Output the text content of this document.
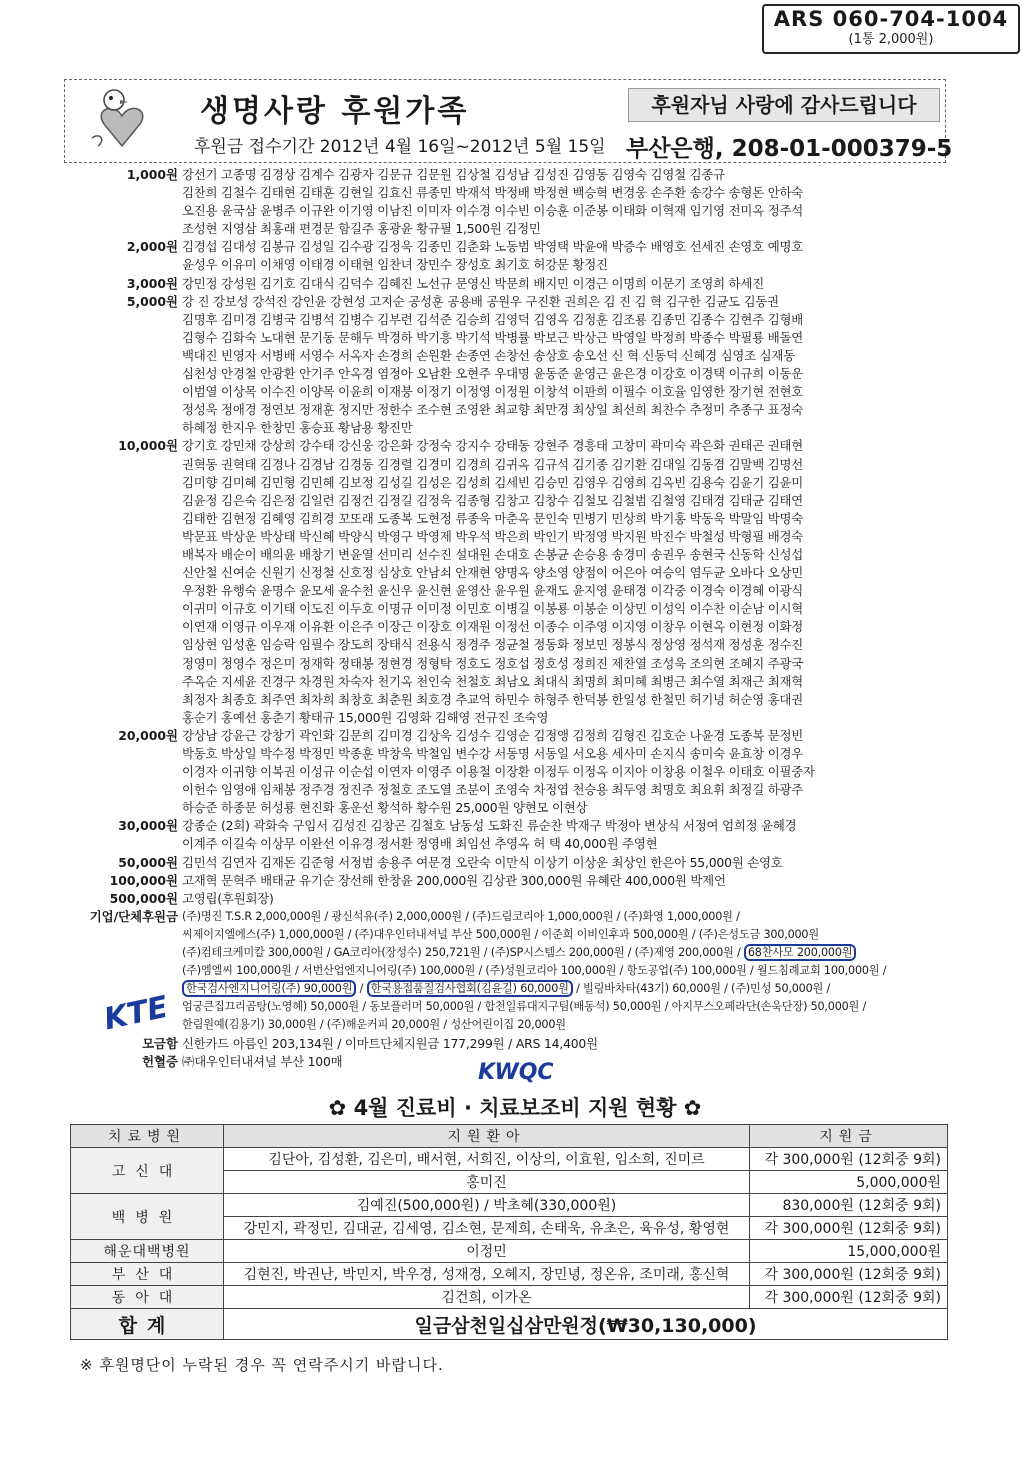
ARS 060-704-1004
(1통 2,000원)
생명사랑 후원가족
후원금 접수기간 2012년 4월 16일~2012년 5월 15일
후원자님 사랑에 감사드립니다
부산은행, 208-01-000379-5
1,000원 강선기 고종명 김경상 김계수 김광자 김문규 김문원 김상철 김성남 김성진 김영동 김영숙 김영철 김종규

김찬희 김철수 김태현 김태훈 김현일 김효신 류종민 박재석 박정배 박정현 백승혁 변경웅 손주환 송강수 송형돈 안하숙

오진용 윤국삼 윤병주 이규완 이기영 이남진 이미자 이수경 이수빈 이승훈 이준봉 이태화 이혁재 임기영 전미옥 정주석

조성현 지영삼 최홍래 편경문 함길주 홍광윤 황규필 1,500원 김정민

2,000원 김경섭 김대성 김봉규 김성일 김수광 김정욱 김종민 김춘화 노동범 박영택 박윤애 박증수 배영호 선세진 손영호 예명호

윤성우 이유미 이채영 이태경 이태현 임찬녀 장민수 장성호 최기호 허강문 황정진

3,000원 강민정 강성원 김기호 김대식 김덕수 김혜진 노선규 문영신 박문희 배지민 이경근 이명희 이문기 조영희 하세진

5,000원 강 진 강보성 강석진 강인윤 강현성 고지순 공성훈 공용배 공원우 구진환 권희은 김 진 김 혁 김구한 김균도 김동권

김명후 김미경 김병국 김병석 김병수 김부련 김석준 김승희 김영덕 김영옥 김정훈 김조룡 김종민 김종수 김현주 김형배

김형수 김화숙 노대현 문기동 문해두 박경하 박기흥 박기석 박병률 박보근 박상근 박영일 박정희 박종수 박필룡 배돌연

백대진 빈영자 서병배 서영수 서옥자 손경희 손원환 손종연 손창선 송상호 송오선 신 혁 신동덕 신혜경 심영조 심재동

심천성 안경철 안광환 안기주 안옥경 염정아 오남환 오현주 우대명 윤동준 윤영근 윤은경 이강호 이경택 이규희 이동운

이범열 이상목 이수진 이양목 이윤희 이재붕 이정기 이정영 이정원 이창석 이판희 이필수 이호율 임영한 장기현 전현호

정성욱 정애경 정연보 정재훈 정지만 정한수 조수현 조영완 최교향 최만경 최상일 최선희 최찬수 추정미 추종구 표정숙

하혜정 한지우 한창민 홍승표 황남용 황진만

10,000원 강기호 강민채 강상희 강수태 강신웅 강은화 강정숙 강지수 강태동 강현주 경흥태 고창미 곽미숙 곽은화 권태곤 권태현

권혁동 권혁태 김경나 김경남 김경동 김경렬 김경미 김경희 김귀옥 김규석 김기종 김기환 김대일 김동겸 김말백 김명선

김미향 김미혜 김민형 김민혜 김보정 김성길 김성은 김성희 김세빈 김승민 김영우 김영희 김옥빈 김용숙 김윤기 김윤미

김윤정 김은숙 김은정 김일련 김정건 김정길 김정욱 김종형 김창고 김창수 김철모 김철범 김철영 김태경 김태균 김태연

김태한 김현정 김혜영 김희경 꼬또래 도종복 도현정 류종욱 마춘옥 문인숙 민병기 민상희 박기홍 박동욱 박말임 박명숙

박문표 박상운 박상태 박신혜 박양식 박영구 박영제 박우석 박은희 박인기 박정영 박지원 박진수 박철성 박형필 배경숙

배복자 배순이 배의윤 배창기 변윤열 선미리 선수진 설대원 손대호 손봉균 손승용 송경미 송권우 송현국 신동학 신성섭

신안철 신여순 신원기 신정철 신호정 심상호 안남쇠 안재현 양명옥 양소영 양점이 어은아 여승익 염두균 오바다 오상민

우정환 유행숙 윤명수 윤모세 윤수천 윤신우 윤신현 윤영산 윤우원 윤재도 윤지영 윤태경 이각중 이경숙 이경혜 이광식

이귀미 이규호 이기태 이도진 이두호 이명규 이미정 이민호 이병길 이봉룡 이봉순 이상민 이성익 이수찬 이순남 이시혁

이연재 이영규 이우재 이유환 이은주 이장근 이장호 이재원 이정선 이종수 이주영 이지영 이창우 이현옥 이현정 이화정

임상현 임성훈 임승락 임필수 장도희 장태식 전용식 정경주 정균철 정동화 정보민 정봉식 정상영 정석재 정성훈 정수진

정영미 정영수 정은미 정재학 정태봉 정현경 정형탁 정호도 정호섭 정호성 정희진 제찬열 조성욱 조의현 조혜지 주광국

주옥순 지세윤 진경구 차경원 차숙자 천기옥 천인숙 천철호 최남오 최대식 최명희 최미혜 최병근 최수열 최재근 최재혁

최정자 최종호 최주연 최차희 최창호 최춘원 최호경 추교억 하민수 하형주 한덕봉 한일성 한철민 허기녕 허순영 홍대권

홍순기 홍예선 홍춘기 황태규 15,000원 김영화 김해영 전규진 조숙영

20,000원 강상남 강윤근 강창기 곽인화 김문희 김미경 김상욱 김성수 김영순 김정앵 김정희 김형진 김호순 나윤경 도종복 문정빈

박동호 박상일 박수정 박정민 박종훈 박창욱 박철임 변수강 서동명 서동일 서오용 세사미 손지식 송미숙 윤효창 이경우

이경자 이귀향 이복권 이성규 이순섭 이연자 이영주 이용철 이장환 이정두 이정옥 이지아 이창용 이철우 이태호 이필중자

이헌수 임영애 임채봉 정주경 정진주 정철호 조도열 조분이 조영숙 차정엽 천승용 최두영 최명호 최요휘 최정길 하광주

하승준 하종문 허성룡 현진화 홍운선 황석하 황수원 25,000원 양현모 이현상

30,000원 강종순 (2회) 곽화숙 구임서 김성진 김창곤 김철호 남동성 도화진 류순찬 박재구 박정아 변상식 서정여 엄희정 윤혜경

이계주 이길숙 이상무 이완선 이유경 정서환 정영배 최임선 추영옥 허 택 40,000원 주영현

50,000원 김민석 김연자 김재돈 김준형 서정범 송용주 여문경 오란숙 이만식 이상기 이상운 최상인 한은아 55,000원 손영호

100,000원 고재혁 문혁주 배태균 유기순 장선해 한창윤 200,000원 김상관 300,000원 유혜란 400,000원 박제언

500,000원 고영립(후원회장)

기업/단체후원금 (주)명진 T.S.R 2,000,000원 / 광신석유(주) 2,000,000원 / (주)드림코리아 1,000,000원 / (주)화영 1,000,000원 /

씨제이지엘에스(주) 1,000,000원 / (주)대우인터내셔널 부산 500,000원 / 이준희 이비인후과 500,000원 / (주)은성도금 300,000원

(주)컴테크케미칼 300,000원 / GA코리아(장성수) 250,721원 / (주)SP시스템스 200,000원 / (주)제영 200,000원 / 68찬사모 200,000원

(주)엠엘씨 100,000원 / 서번산업엔지니어링(주) 100,000원 / (주)성원코리아 100,000원 / 항도공업(주) 100,000원 / 월드침례교회 100,000원 /

한국검사엔지니어링(주) 90,000원 / 한국용접품질검사협회(김윤길) 60,000원 / 빌링바차타(43기) 60,000원 / (주)민성 50,000원 /

엄궁큰집끄리곰탕(노영혜) 50,000원 / 동보플러머 50,000원 / 합천일류대지구팀(배동석) 50,000원 / 아지무스오페라단(손욱단장) 50,000원 /

한림원예(김용기) 30,000원 / (주)해운커피 20,000원 / 성산어린이집 20,000원

모금함 신한카드 아름인 203,134원 / 이마트단체지원금 177,299원 / ARS 14,400원

헌혈증 ㈜대우인터내셔널 부산 100매

KTE
KWQC
✿ 4월 진료비 · 치료보조비 지원 현황 ✿
치료병원	지원환아	지원금
고신대	김단아, 김성환, 김은미, 배서현, 서희진, 이상의, 이효원, 임소희, 진미르	각 300,000원 (12회중 9회)
	홍미진	5,000,000원
백병원	김예진(500,000원) / 박초혜(330,000원)	830,000원 (12회중 9회)
	강민지, 곽정민, 김대균, 김세영, 김소현, 문제희, 손태욱, 유초은, 육유성, 황영현	각 300,000원 (12회중 9회)
해운대백병원	이정민	15,000,000원
부산대	김현진, 박권난, 박민지, 박우경, 성재경, 오혜지, 장민녕, 정온유, 조미래, 홍신혁	각 300,000원 (12회중 9회)
동아대	김건희, 이가온	각 300,000원 (12회중 9회)
합계	일금삼천일십삼만원정(₩30,130,000)	
※ 후원명단이 누락된 경우 꼭 연락주시기 바랍니다.
